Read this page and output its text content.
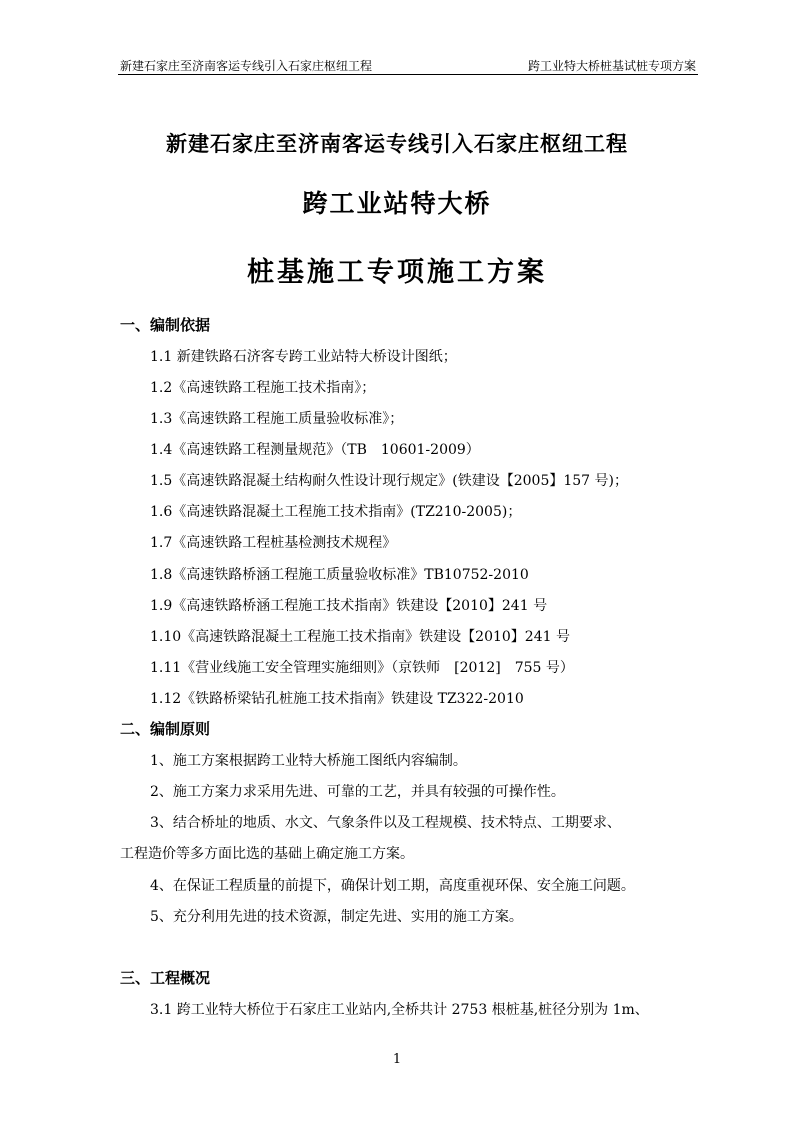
新建石家庄至济南客运专线引入石家庄枢纽工程	跨工业特大桥桩基试桩专项方案
新建石家庄至济南客运专线引入石家庄枢纽工程
跨工业站特大桥
桩基施工专项施工方案
一、编制依据
1.1 新建铁路石济客专跨工业站特大桥设计图纸；
1.2《高速铁路工程施工技术指南》；
1.3《高速铁路工程施工质量验收标准》；
1.4《高速铁路工程测量规范》（TB　10601-2009）
1.5《高速铁路混凝土结构耐久性设计现行规定》(铁建设【2005】157 号)；
1.6《高速铁路混凝土工程施工技术指南》(TZ210-2005)；
1.7《高速铁路工程桩基检测技术规程》
1.8《高速铁路桥涵工程施工质量验收标准》TB10752-2010
1.9《高速铁路桥涵工程施工技术指南》铁建设【2010】241 号
1.10《高速铁路混凝土工程施工技术指南》铁建设【2010】241 号
1.11《营业线施工安全管理实施细则》（京铁师　[2012]　755 号）
1.12《铁路桥梁钻孔桩施工技术指南》铁建设 TZ322-2010
二、编制原则
1、施工方案根据跨工业特大桥施工图纸内容编制。
2、施工方案力求采用先进、可靠的工艺，并具有较强的可操作性。
3、结合桥址的地质、水文、气象条件以及工程规模、技术特点、工期要求、
工程造价等多方面比选的基础上确定施工方案。
4、在保证工程质量的前提下，确保计划工期，高度重视环保、安全施工问题。
5、充分利用先进的技术资源，制定先进、实用的施工方案。
三、工程概况
3.1 跨工业特大桥位于石家庄工业站内,全桥共计 2753 根桩基,桩径分别为 1m、
1
